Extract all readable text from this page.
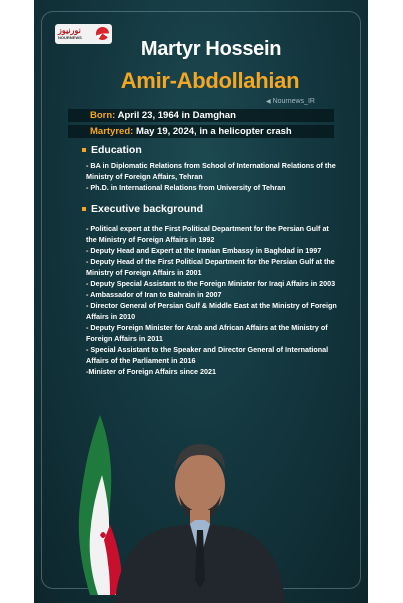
نورنیوز
NOURNEWS
Martyr Hossein
Amir-Abdollahian
◀ Nournews_IR
Born: April 23, 1964 in Damghan
Martyred: May 19, 2024, in a helicopter crash
Education

- BA in Diplomatic Relations from School of International Relations of the Ministry of Foreign Affairs, Tehran

- Ph.D. in International Relations from University of Tehran

Executive background

- Political expert at the First Political Department for the Persian Gulf at the Ministry of Foreign Affairs in 1992

- Deputy Head and Expert at the Iranian Embassy in Baghdad in 1997

- Deputy Head of the First Political Department for the Persian Gulf at the Ministry of Foreign Affairs in 2001

- Deputy Special Assistant to the Foreign Minister for Iraqi Affairs in 2003

- Ambassador of Iran to Bahrain in 2007

- Director General of Persian Gulf & Middle East at the Ministry of Foreign Affairs in 2010

- Deputy Foreign Minister for Arab and African Affairs at the Ministry of Foreign Affairs in 2011

- Special Assistant to the Speaker and Director General of International Affairs of the Parliament in 2016

-Minister of Foreign Affairs since 2021
